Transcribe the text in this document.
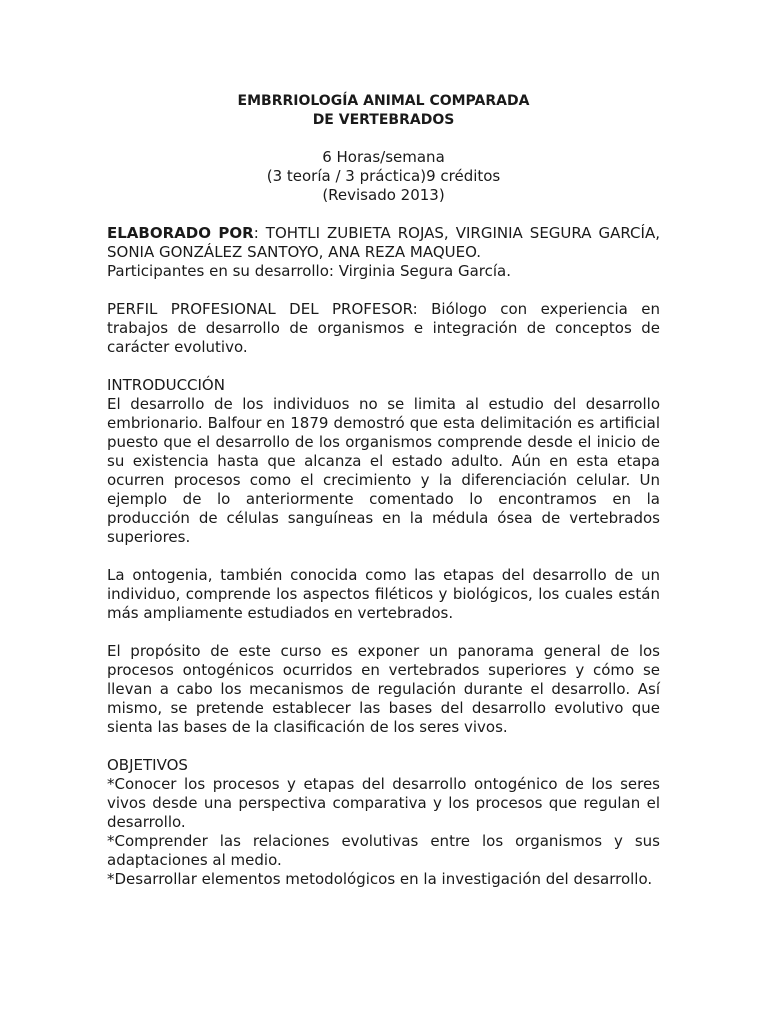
EMBRRIOLOGÍA ANIMAL COMPARADA
DE VERTEBRADOS
6 Horas/semana
(3 teoría / 3 práctica)9 créditos
(Revisado 2013)

ELABORADO POR: TOHTLI ZUBIETA ROJAS, VIRGINIA SEGURA GARCÍA, SONIA GONZÁLEZ SANTOYO, ANA REZA MAQUEO.

Participantes en su desarrollo: Virginia Segura García.

PERFIL PROFESIONAL DEL PROFESOR: Biólogo con experiencia en trabajos de desarrollo de organismos e integración de conceptos de carácter evolutivo.

INTRODUCCIÓN

El desarrollo de los individuos no se limita al estudio del desarrollo embrionario. Balfour en 1879 demostró que esta delimitación es artificial puesto que el desarrollo de los organismos comprende desde el inicio de su existencia hasta que alcanza el estado adulto. Aún en esta etapa ocurren procesos como el crecimiento y la diferenciación celular. Un ejemplo de lo anteriormente comentado lo encontramos en la producción de células sanguíneas en la médula ósea de vertebrados superiores.

La ontogenia, también conocida como las etapas del desarrollo de un individuo, comprende los aspectos filéticos y biológicos, los cuales están más ampliamente estudiados en vertebrados.

El propósito de este curso es exponer un panorama general de los procesos ontogénicos ocurridos en vertebrados superiores y cómo se llevan a cabo los mecanismos de regulación durante el desarrollo. Así mismo, se pretende establecer las bases del desarrollo evolutivo que sienta las bases de la clasificación de los seres vivos.

OBJETIVOS

*Conocer los procesos y etapas del desarrollo ontogénico de los seres vivos desde una perspectiva comparativa y los procesos que regulan el desarrollo.

*Comprender las relaciones evolutivas entre los organismos y sus adaptaciones al medio.

*Desarrollar elementos metodológicos en la investigación del desarrollo.
